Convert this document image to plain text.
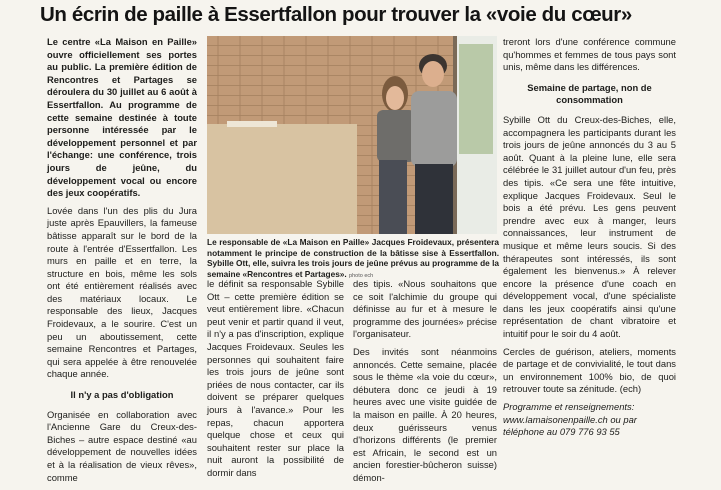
Un écrin de paille à Essertfallon pour trouver la «voie du cœur»

Le centre «La Maison en Paille» ouvre officiellement ses portes au public. La première édition de Rencontres et Partages se déroulera du 30 juillet au 6 août à Essertfallon. Au programme de cette semaine destinée à toute personne intéressée par le développement personnel et par l'échange: une conférence, trois jours de jeûne, du développement vocal ou encore des jeux coopératifs.

Lovée dans l'un des plis du Jura juste après Epauvillers, la fameuse bâtisse apparaît sur le bord de la route à l'entrée d'Essertfallon. Les murs en paille et en terre, la structure en bois, même les sols ont été entièrement réalisés avec des matériaux locaux. Le responsable des lieux, Jacques Froidevaux, a le sourire. C'est un peu un aboutissement, cette semaine Rencontres et Partages, qui sera appelée à être renouvelée chaque année.

Il n'y a pas d'obligation

Organisée en collaboration avec l'Ancienne Gare du Creux-des-Biches – autre espace destiné «au développement de nouvelles idées et à la réalisation de vieux rêves», comme

Le responsable de «La Maison en Paille» Jacques Froidevaux, présentera notamment le principe de construction de la bâtisse sise à Essertfallon. Sybille Ott, elle, suivra les trois jours de jeûne prévus au programme de la semaine «Rencontres et Partages». photo ech

le définit sa responsable Sybille Ott – cette première édition se veut entièrement libre. «Chacun peut venir et partir quand il veut, il n'y a pas d'inscription, explique Jacques Froidevaux. Seules les personnes qui souhaitent faire les trois jours de jeûne sont priées de nous contacter, car ils doivent se préparer quelques jours à l'avance.» Pour les repas, chacun apportera quelque chose et ceux qui souhaitent rester sur place la nuit auront la possibilité de dormir dans

des tipis. «Nous souhaitons que ce soit l'alchimie du groupe qui définisse au fur et à mesure le programme des journées» précise l'organisateur.

Des invités sont néanmoins annoncés. Cette semaine, placée sous le thème «la voie du cœur», débutera donc ce jeudi à 19 heures avec une visite guidée de la maison en paille. À 20 heures, deux guérisseurs venus d'horizons différents (le premier est Africain, le second est un ancien forestier-bûcheron suisse) démon-

treront lors d'une conférence commune qu'hommes et femmes de tous pays sont unis, même dans les différences.

Semaine de partage, non de consommation

Sybille Ott du Creux-des-Biches, elle, accompagnera les participants durant les trois jours de jeûne annoncés du 3 au 5 août. Quant à la pleine lune, elle sera célébrée le 31 juillet autour d'un feu, près des tipis. «Ce sera une fête intuitive, explique Jacques Froidevaux. Seul le bois a été prévu. Les gens peuvent prendre avec eux à manger, leurs connaissances, leur instrument de musique et même leurs soucis. Si des thérapeutes sont intéressés, ils sont également les bienvenus.» À relever encore la présence d'une coach en développement vocal, d'une spécialiste dans les jeux coopératifs ainsi qu'une représentation de chant vibratoire et intuitif pour le soir du 4 août.

Cercles de guérison, ateliers, moments de partage et de convivialité, le tout dans un environnement 100% bio, de quoi retrouver toute sa zénitude. (ech)

Programme et renseignements: www.lamaisonenpaille.ch ou par téléphone au 079 776 93 55
